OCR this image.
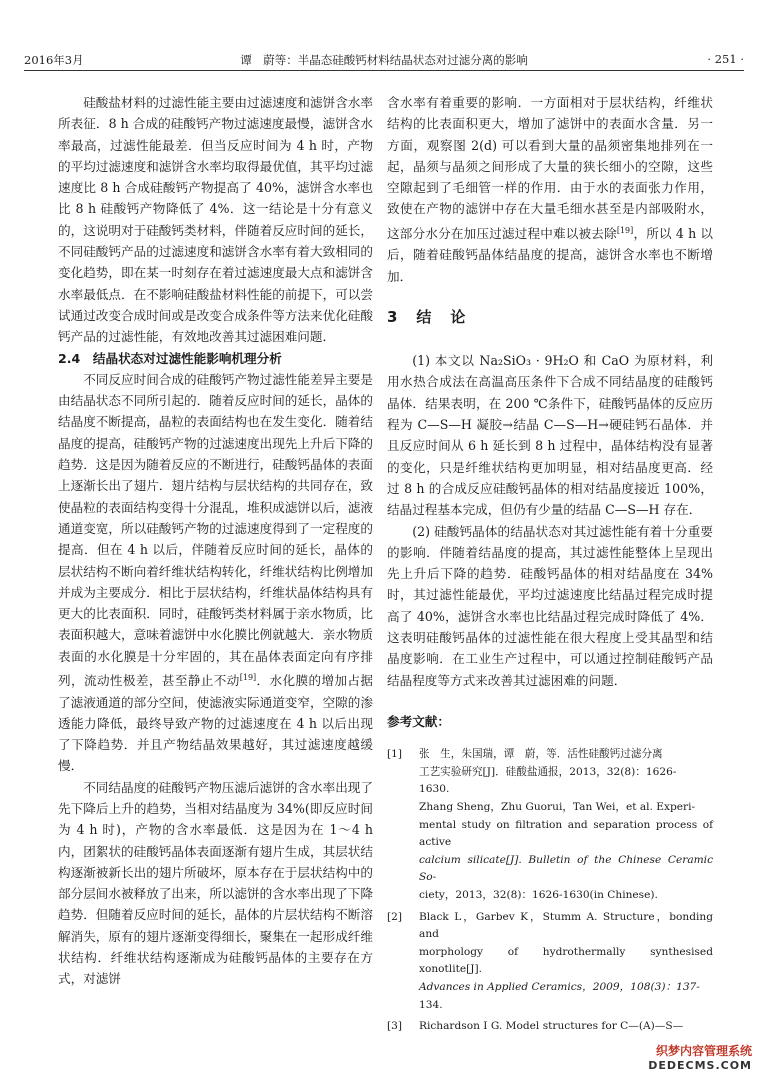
2016年3月	谭　蔚等：半晶态硅酸钙材料结晶状态对过滤分离的影响	· 251 ·

硅酸盐材料的过滤性能主要由过滤速度和滤饼含水率所表征．8 h 合成的硅酸钙产物过滤速度最慢，滤饼含水率最高，过滤性能最差．但当反应时间为 4 h 时，产物的平均过滤速度和滤饼含水率均取得最优值，其平均过滤速度比 8 h 合成硅酸钙产物提高了 40%，滤饼含水率也比 8 h 硅酸钙产物降低了 4%．这一结论是十分有意义的，这说明对于硅酸钙类材料，伴随着反应时间的延长，不同硅酸钙产品的过滤速度和滤饼含水率有着大致相同的变化趋势，即在某一时刻存在着过滤速度最大点和滤饼含水率最低点．在不影响硅酸盐材料性能的前提下，可以尝试通过改变合成时间或是改变合成条件等方法来优化硅酸钙产品的过滤性能，有效地改善其过滤困难问题．

2.4　结晶状态对过滤性能影响机理分析

不同反应时间合成的硅酸钙产物过滤性能差异主要是由结晶状态不同所引起的．随着反应时间的延长，晶体的结晶度不断提高，晶粒的表面结构也在发生变化．随着结晶度的提高，硅酸钙产物的过滤速度出现先上升后下降的趋势．这是因为随着反应的不断进行，硅酸钙晶体的表面上逐渐长出了翅片．翅片结构与层状结构的共同存在，致使晶粒的表面结构变得十分混乱，堆积成滤饼以后，滤液通道变宽，所以硅酸钙产物的过滤速度得到了一定程度的提高．但在 4 h 以后，伴随着反应时间的延长，晶体的层状结构不断向着纤维状结构转化，纤维状结构比例增加并成为主要成分．相比于层状结构，纤维状晶体结构具有更大的比表面积．同时，硅酸钙类材料属于亲水物质，比表面积越大，意味着滤饼中水化膜比例就越大．亲水物质表面的水化膜是十分牢固的，其在晶体表面定向有序排列，流动性极差，甚至静止不动[19]．水化膜的增加占据了滤液通道的部分空间，使滤液实际通道变窄，空隙的渗透能力降低，最终导致产物的过滤速度在 4 h 以后出现了下降趋势．并且产物结晶效果越好，其过滤速度越缓慢．

不同结晶度的硅酸钙产物压滤后滤饼的含水率出现了先下降后上升的趋势，当相对结晶度为 34%(即反应时间为 4 h 时)，产物的含水率最低．这是因为在 1～4 h 内，团絮状的硅酸钙晶体表面逐渐有翅片生成，其层状结构逐渐被新长出的翅片所破坏，原本存在于层状结构中的部分层间水被释放了出来，所以滤饼的含水率出现了下降趋势．但随着反应时间的延长，晶体的片层状结构不断溶解消失，原有的翅片逐渐变得细长，聚集在一起形成纤维状结构．纤维状结构逐渐成为硅酸钙晶体的主要存在方式，对滤饼

含水率有着重要的影响．一方面相对于层状结构，纤维状结构的比表面积更大，增加了滤饼中的表面水含量．另一方面，观察图 2(d) 可以看到大量的晶须密集地排列在一起，晶须与晶须之间形成了大量的狭长细小的空隙，这些空隙起到了毛细管一样的作用．由于水的表面张力作用，致使在产物的滤饼中存在大量毛细水甚至是内部吸附水，这部分水分在加压过滤过程中难以被去除[19]，所以 4 h 以后，随着硅酸钙晶体结晶度的提高，滤饼含水率也不断增加．

3　结　论

(1) 本文以 Na₂SiO₃ · 9H₂O 和 CaO 为原材料，利用水热合成法在高温高压条件下合成不同结晶度的硅酸钙晶体．结果表明，在 200 ℃条件下，硅酸钙晶体的反应历程为 C—S—H 凝胶→结晶 C—S—H→硬硅钙石晶体．并且反应时间从 6 h 延长到 8 h 过程中，晶体结构没有显著的变化，只是纤维状结构更加明显，相对结晶度更高．经过 8 h 的合成反应硅酸钙晶体的相对结晶度接近 100%，结晶过程基本完成，但仍有少量的结晶 C—S—H 存在．

(2) 硅酸钙晶体的结晶状态对其过滤性能有着十分重要的影响．伴随着结晶度的提高，其过滤性能整体上呈现出先上升后下降的趋势．硅酸钙晶体的相对结晶度在 34% 时，其过滤性能最优，平均过滤速度比结晶过程完成时提高了 40%，滤饼含水率也比结晶过程完成时降低了 4%．这表明硅酸钙晶体的过滤性能在很大程度上受其晶型和结晶度影响．在工业生产过程中，可以通过控制硅酸钙产品结晶程度等方式来改善其过滤困难的问题．

参考文献：
[1] 张　生，朱国瑞，谭　蔚，等．活性硅酸钙过滤分离
工艺实验研究[J]．硅酸盐通报，2013，32(8)：1626-
1630.
Zhang Sheng，Zhu Guorui，Tan Wei，et al. Experi-
mental study on filtration and separation process of active
calcium silicate[J]. Bulletin of the Chinese Ceramic So-
ciety，2013，32(8)：1626-1630(in Chinese).
[2] Black L，Garbev K，Stumm A. Structure，bonding and
morphology of hydrothermally synthesised xonotlite[J].
Advances in Applied Ceramics，2009，108(3)：137-
134.
[3] Richardson I G. Model structures for C—(A)—S—
织梦内容管理系统
DEDECMS.COM
